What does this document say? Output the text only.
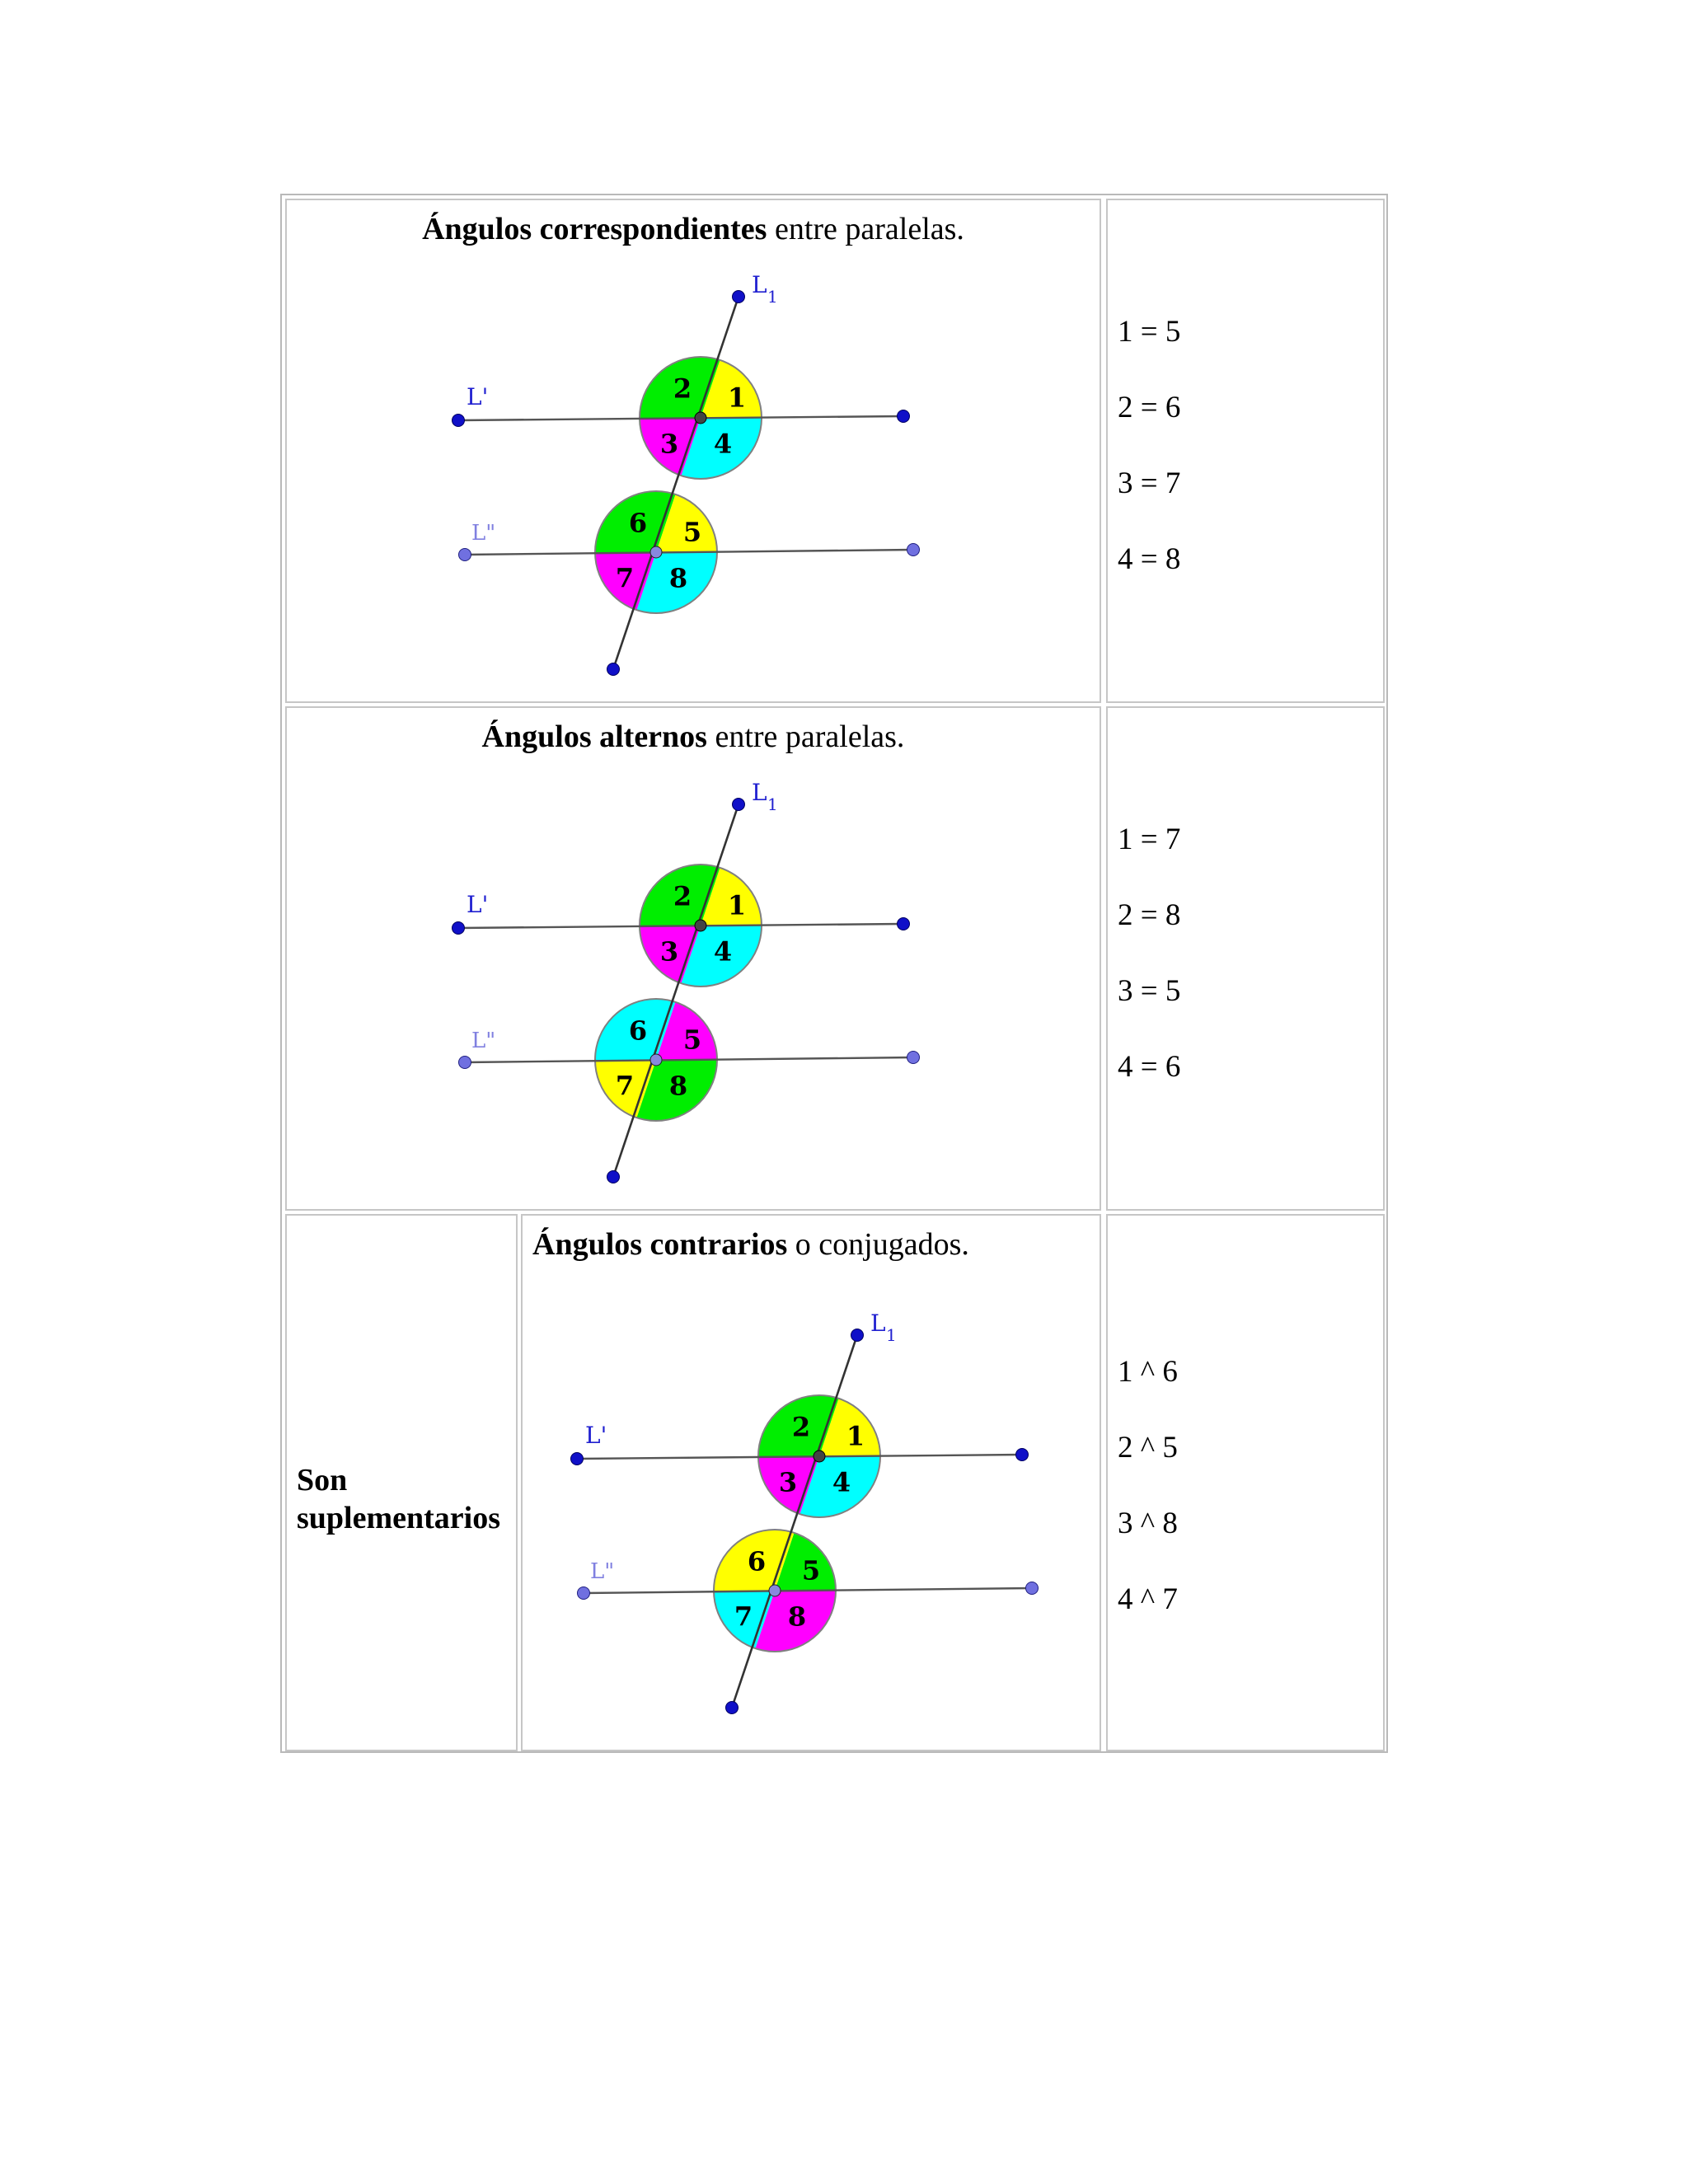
Ángulos correspondientes entre paralelas.
1
2
3 4
5
6
7 8
L 1
L'
L"
1 = 5
2 = 6
3 = 7
4 = 8
Ángulos alternos entre paralelas.
1
2
3 4
5
6
7 8
L 1
L'
L"
1 = 7
2 = 8
3 = 5
4 = 6
Son
suplementarios
Ángulos contrarios o conjugados.
1
2
3 4
5
6
7 8
L 1
L'
L"
1 ^ 6
2 ^ 5
3 ^ 8
4 ^ 7
